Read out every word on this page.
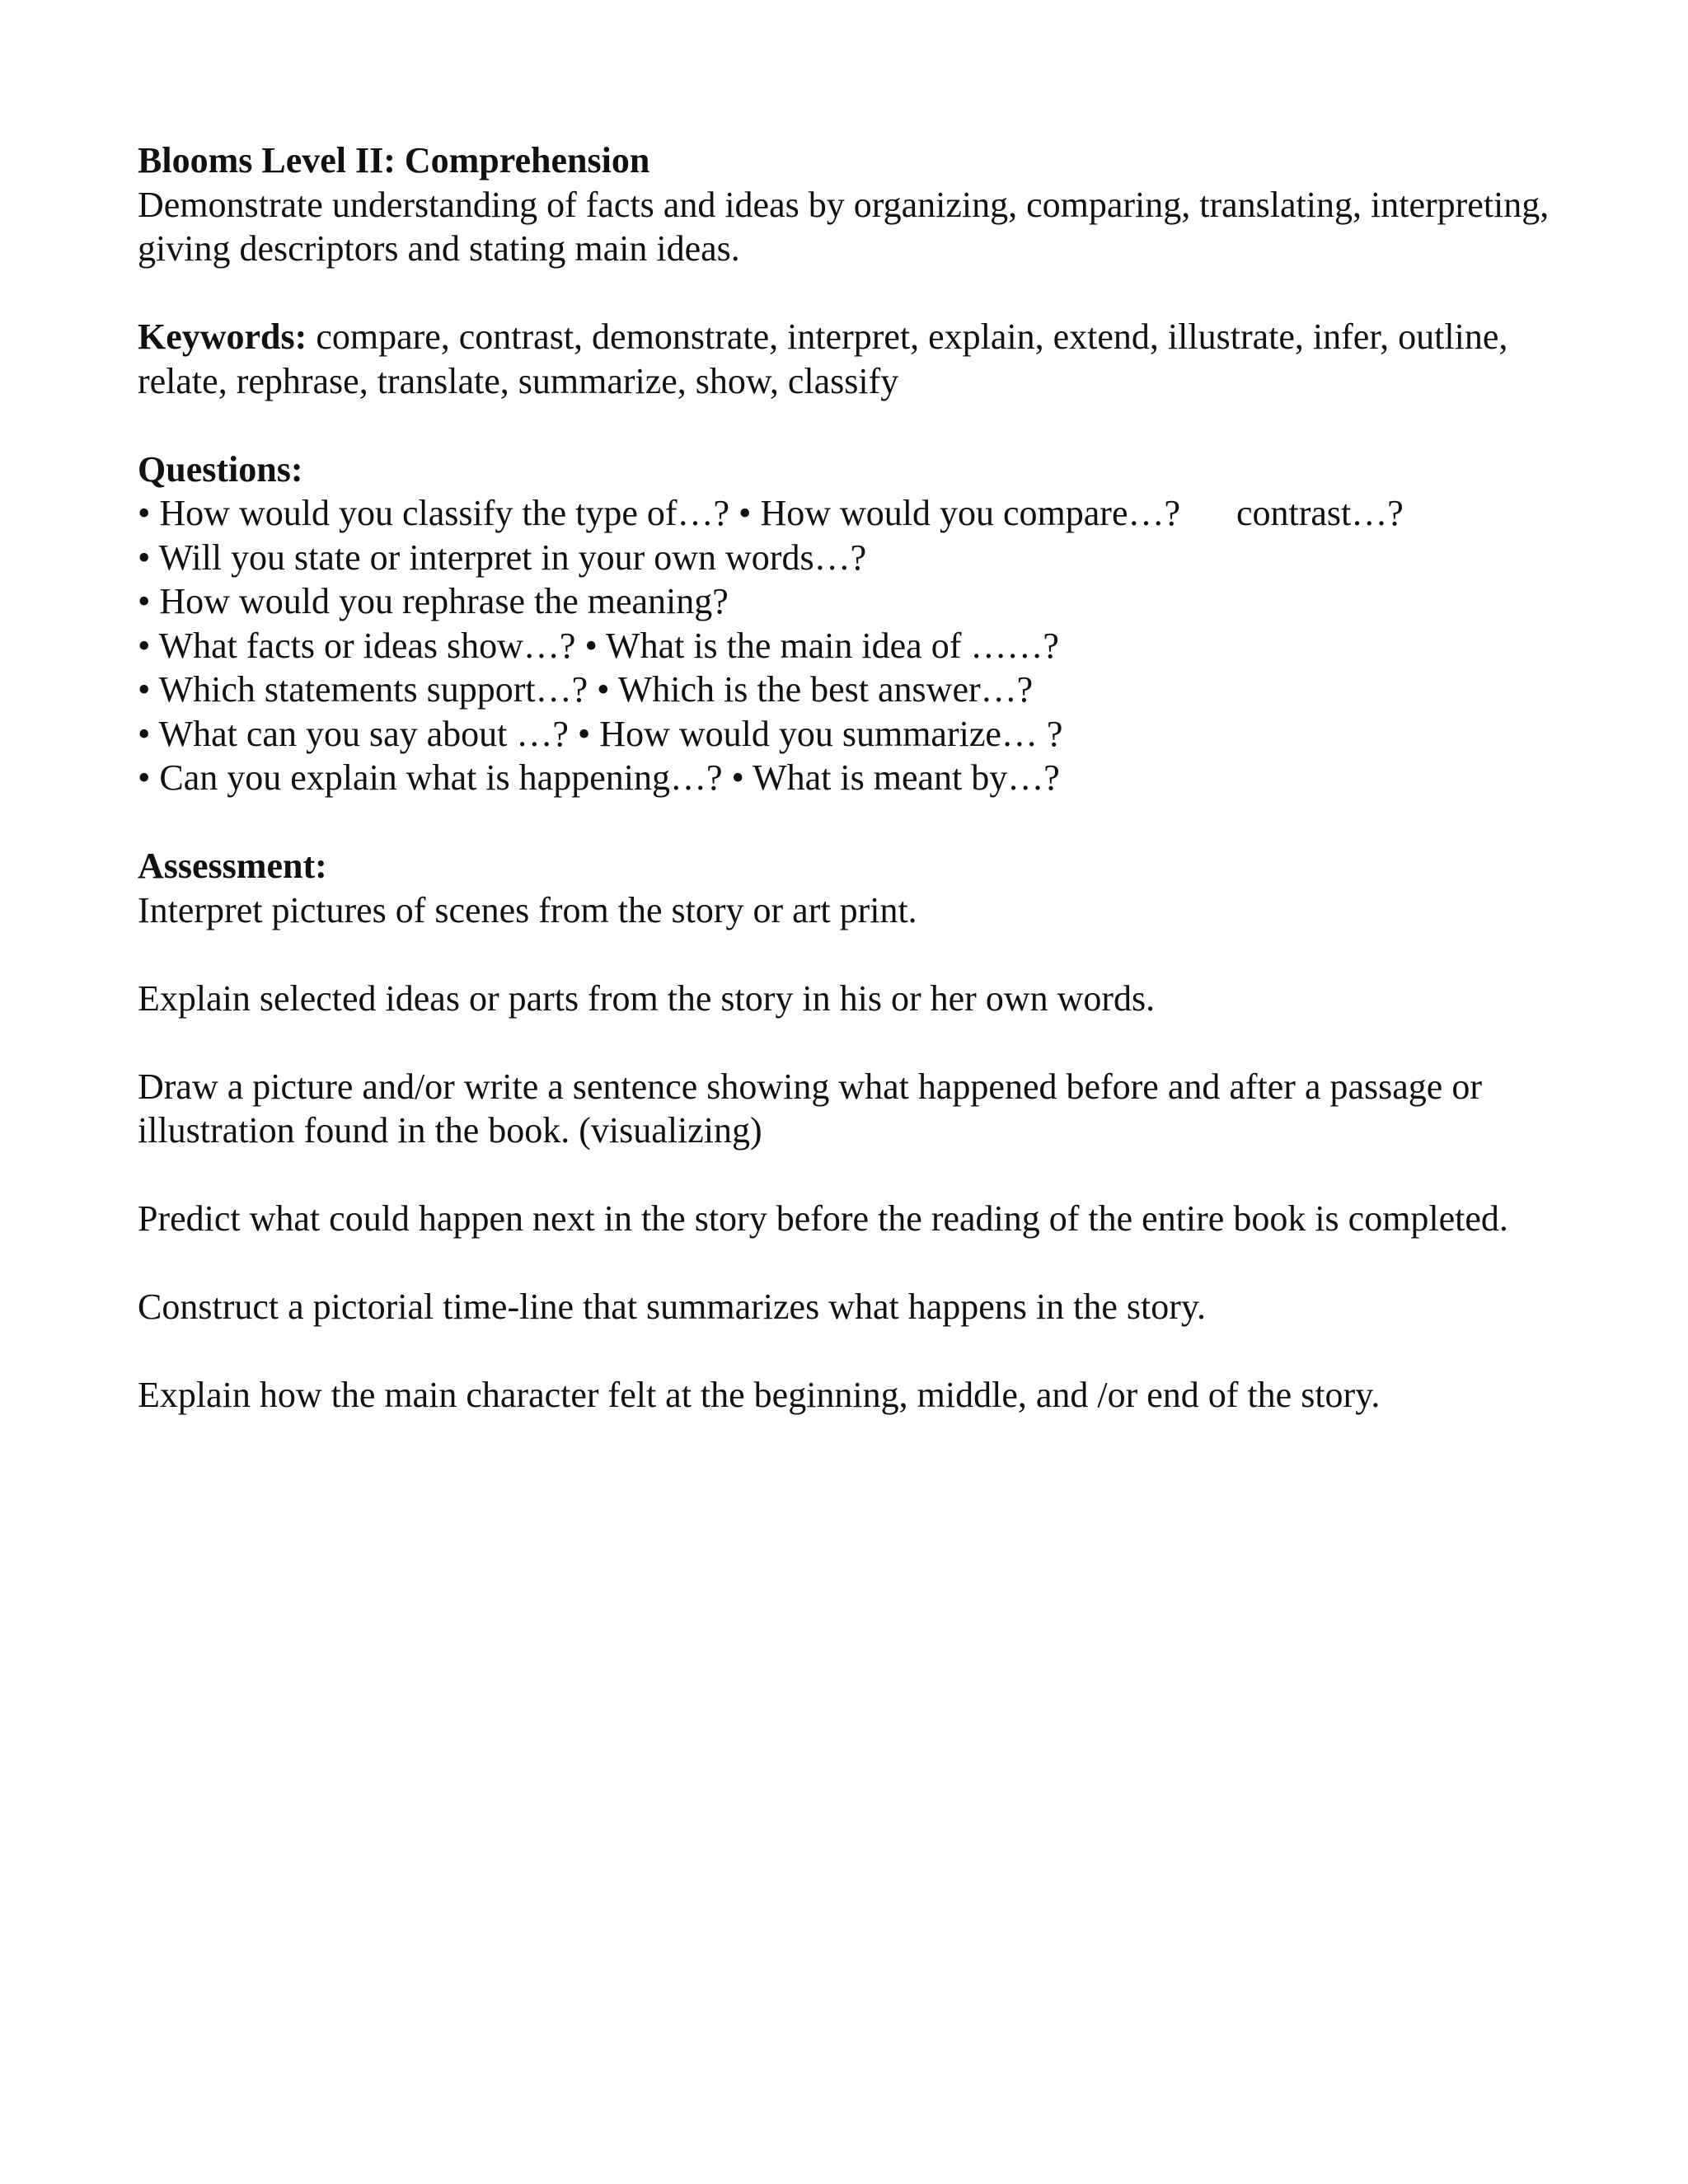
Blooms Level II: Comprehension

Demonstrate understanding of facts and ideas by organizing, comparing, translating, interpreting, giving descriptors and stating main ideas.

Keywords: compare, contrast, demonstrate, interpret, explain, extend, illustrate, infer, outline, relate, rephrase, translate, summarize, show, classify

Questions:

• How would you classify the type of…? • How would you compare…? contrast…?

• Will you state or interpret in your own words…?

• How would you rephrase the meaning?

• What facts or ideas show…? • What is the main idea of ……?

• Which statements support…? • Which is the best answer…?

• What can you say about …? • How would you summarize… ?

• Can you explain what is happening…? • What is meant by…?

Assessment:

Interpret pictures of scenes from the story or art print.

Explain selected ideas or parts from the story in his or her own words.

Draw a picture and/or write a sentence showing what happened before and after a passage or illustration found in the book. (visualizing)

Predict what could happen next in the story before the reading of the entire book is completed.

Construct a pictorial time-line that summarizes what happens in the story.

Explain how the main character felt at the beginning, middle, and /or end of the story.
